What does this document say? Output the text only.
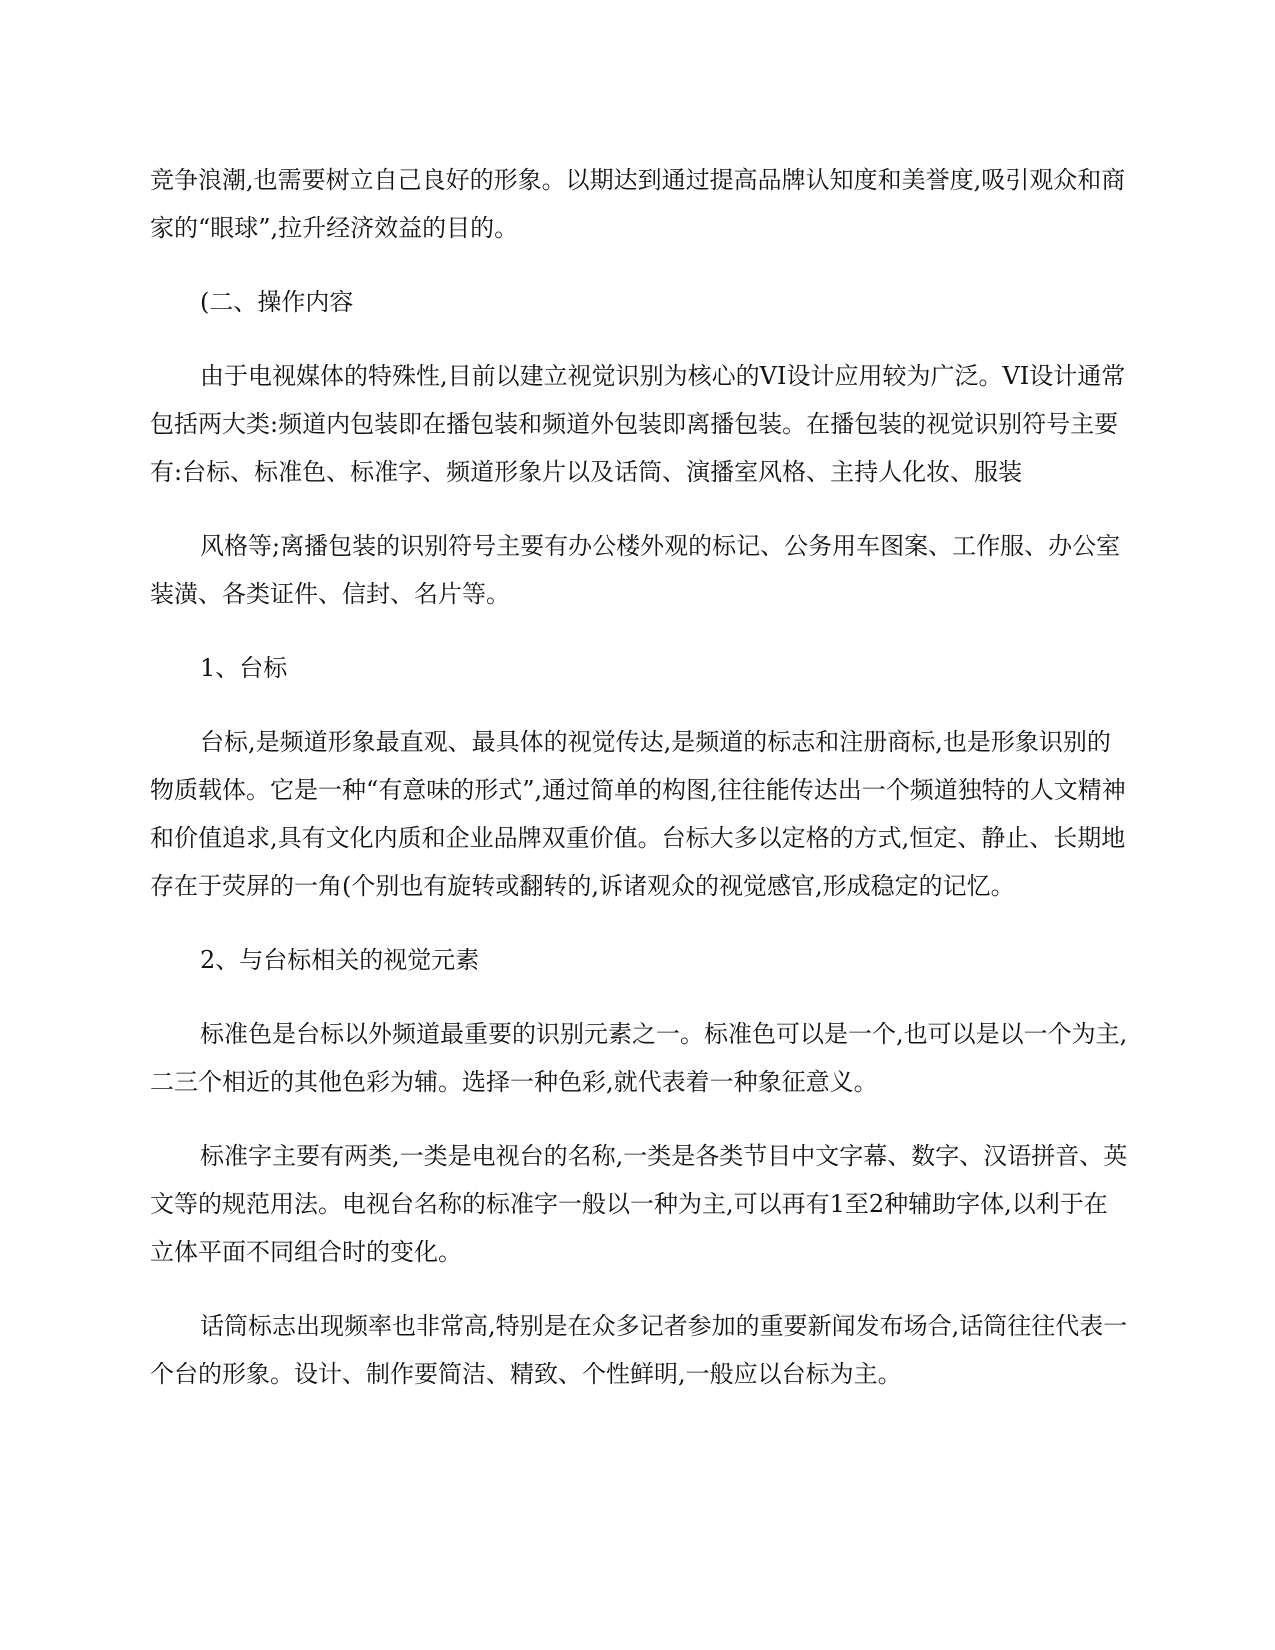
竞争浪潮,也需要树立自己良好的形象。以期达到通过提高品牌认知度和美誉度,吸引观众和商家的“眼球”,拉升经济效益的目的。

(二、操作内容

由于电视媒体的特殊性,目前以建立视觉识别为核心的VI设计应用较为广泛。VI设计通常包括两大类:频道内包装即在播包装和频道外包装即离播包装。在播包装的视觉识别符号主要有:台标、标准色、标准字、频道形象片以及话筒、演播室风格、主持人化妆、服装

风格等;离播包装的识别符号主要有办公楼外观的标记、公务用车图案、工作服、办公室装潢、各类证件、信封、名片等。

1、台标

台标,是频道形象最直观、最具体的视觉传达,是频道的标志和注册商标,也是形象识别的物质载体。它是一种“有意味的形式”,通过简单的构图,往往能传达出一个频道独特的人文精神和价值追求,具有文化内质和企业品牌双重价值。台标大多以定格的方式,恒定、静止、长期地存在于荧屏的一角(个别也有旋转或翻转的,诉诸观众的视觉感官,形成稳定的记忆。

2、与台标相关的视觉元素

标准色是台标以外频道最重要的识别元素之一。标准色可以是一个,也可以是以一个为主,二三个相近的其他色彩为辅。选择一种色彩,就代表着一种象征意义。

标准字主要有两类,一类是电视台的名称,一类是各类节目中文字幕、数字、汉语拼音、英文等的规范用法。电视台名称的标准字一般以一种为主,可以再有1至2种辅助字体,以利于在立体平面不同组合时的变化。

话筒标志出现频率也非常高,特别是在众多记者参加的重要新闻发布场合,话筒往往代表一个台的形象。设计、制作要简洁、精致、个性鲜明,一般应以台标为主。
